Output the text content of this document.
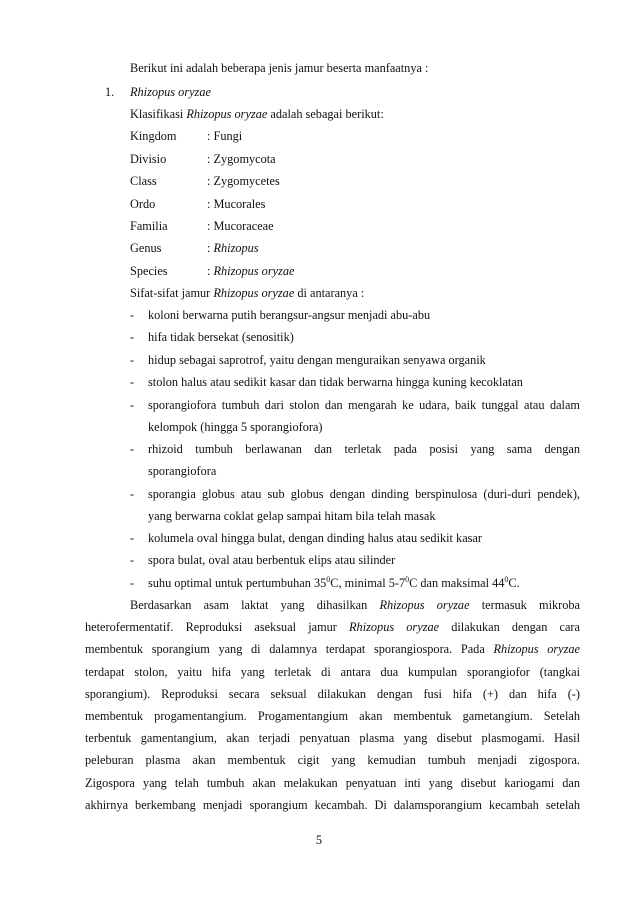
Berikut ini adalah beberapa jenis jamur beserta manfaatnya :
1. Rhizopus oryzae
Klasifikasi Rhizopus oryzae adalah sebagai berikut:
Kingdom : Fungi
Divisio	: Zygomycota
Class	: Zygomycetes
Ordo	: Mucorales
Familia	: Mucoraceae
Genus	: Rhizopus
Species	: Rhizopus oryzae
Sifat-sifat jamur Rhizopus oryzae di antaranya :
- koloni berwarna putih berangsur-angsur menjadi abu-abu
- hifa tidak bersekat (senositik)
- hidup sebagai saprotrof, yaitu dengan menguraikan senyawa organik
- stolon halus atau sedikit kasar dan tidak berwarna hingga kuning kecoklatan
- sporangiofora tumbuh dari stolon dan mengarah ke udara, baik tunggal atau dalam
kelompok (hingga 5 sporangiofora)
- rhizoid tumbuh berlawanan dan terletak pada posisi yang sama dengan
sporangiofora
- sporangia globus atau sub globus dengan dinding berspinulosa (duri-duri pendek),
yang berwarna coklat gelap sampai hitam bila telah masak
- kolumela oval hingga bulat, dengan dinding halus atau sedikit kasar
- spora bulat, oval atau berbentuk elips atau silinder
- suhu optimal untuk pertumbuhan $35^0C$, minimal $5-7^0C$ dan maksimal $44^0C$.
Berdasarkan asam laktat yang dihasilkan Rhizopus oryzae termasuk mikroba
heterofermentatif. Reproduksi aseksual jamur Rhizopus oryzae dilakukan dengan cara
membentuk sporangium yang di dalamnya terdapat sporangiospora. Pada Rhizopus oryzae
terdapat stolon, yaitu hifa yang terletak di antara dua kumpulan sporangiofor (tangkai
sporangium). Reproduksi secara seksual dilakukan dengan fusi hifa (+) dan hifa (-)
membentuk progamentangium. Progamentangium akan membentuk gametangium. Setelah
terbentuk gamentangium, akan terjadi penyatuan plasma yang disebut plasmogami. Hasil
peleburan plasma akan membentuk cigit yang kemudian tumbuh menjadi zigospora.
Zigospora yang telah tumbuh akan melakukan penyatuan inti yang disebut kariogami dan
akhirnya berkembang menjadi sporangium kecambah. Di dalamsporangium kecambah setelah
5
